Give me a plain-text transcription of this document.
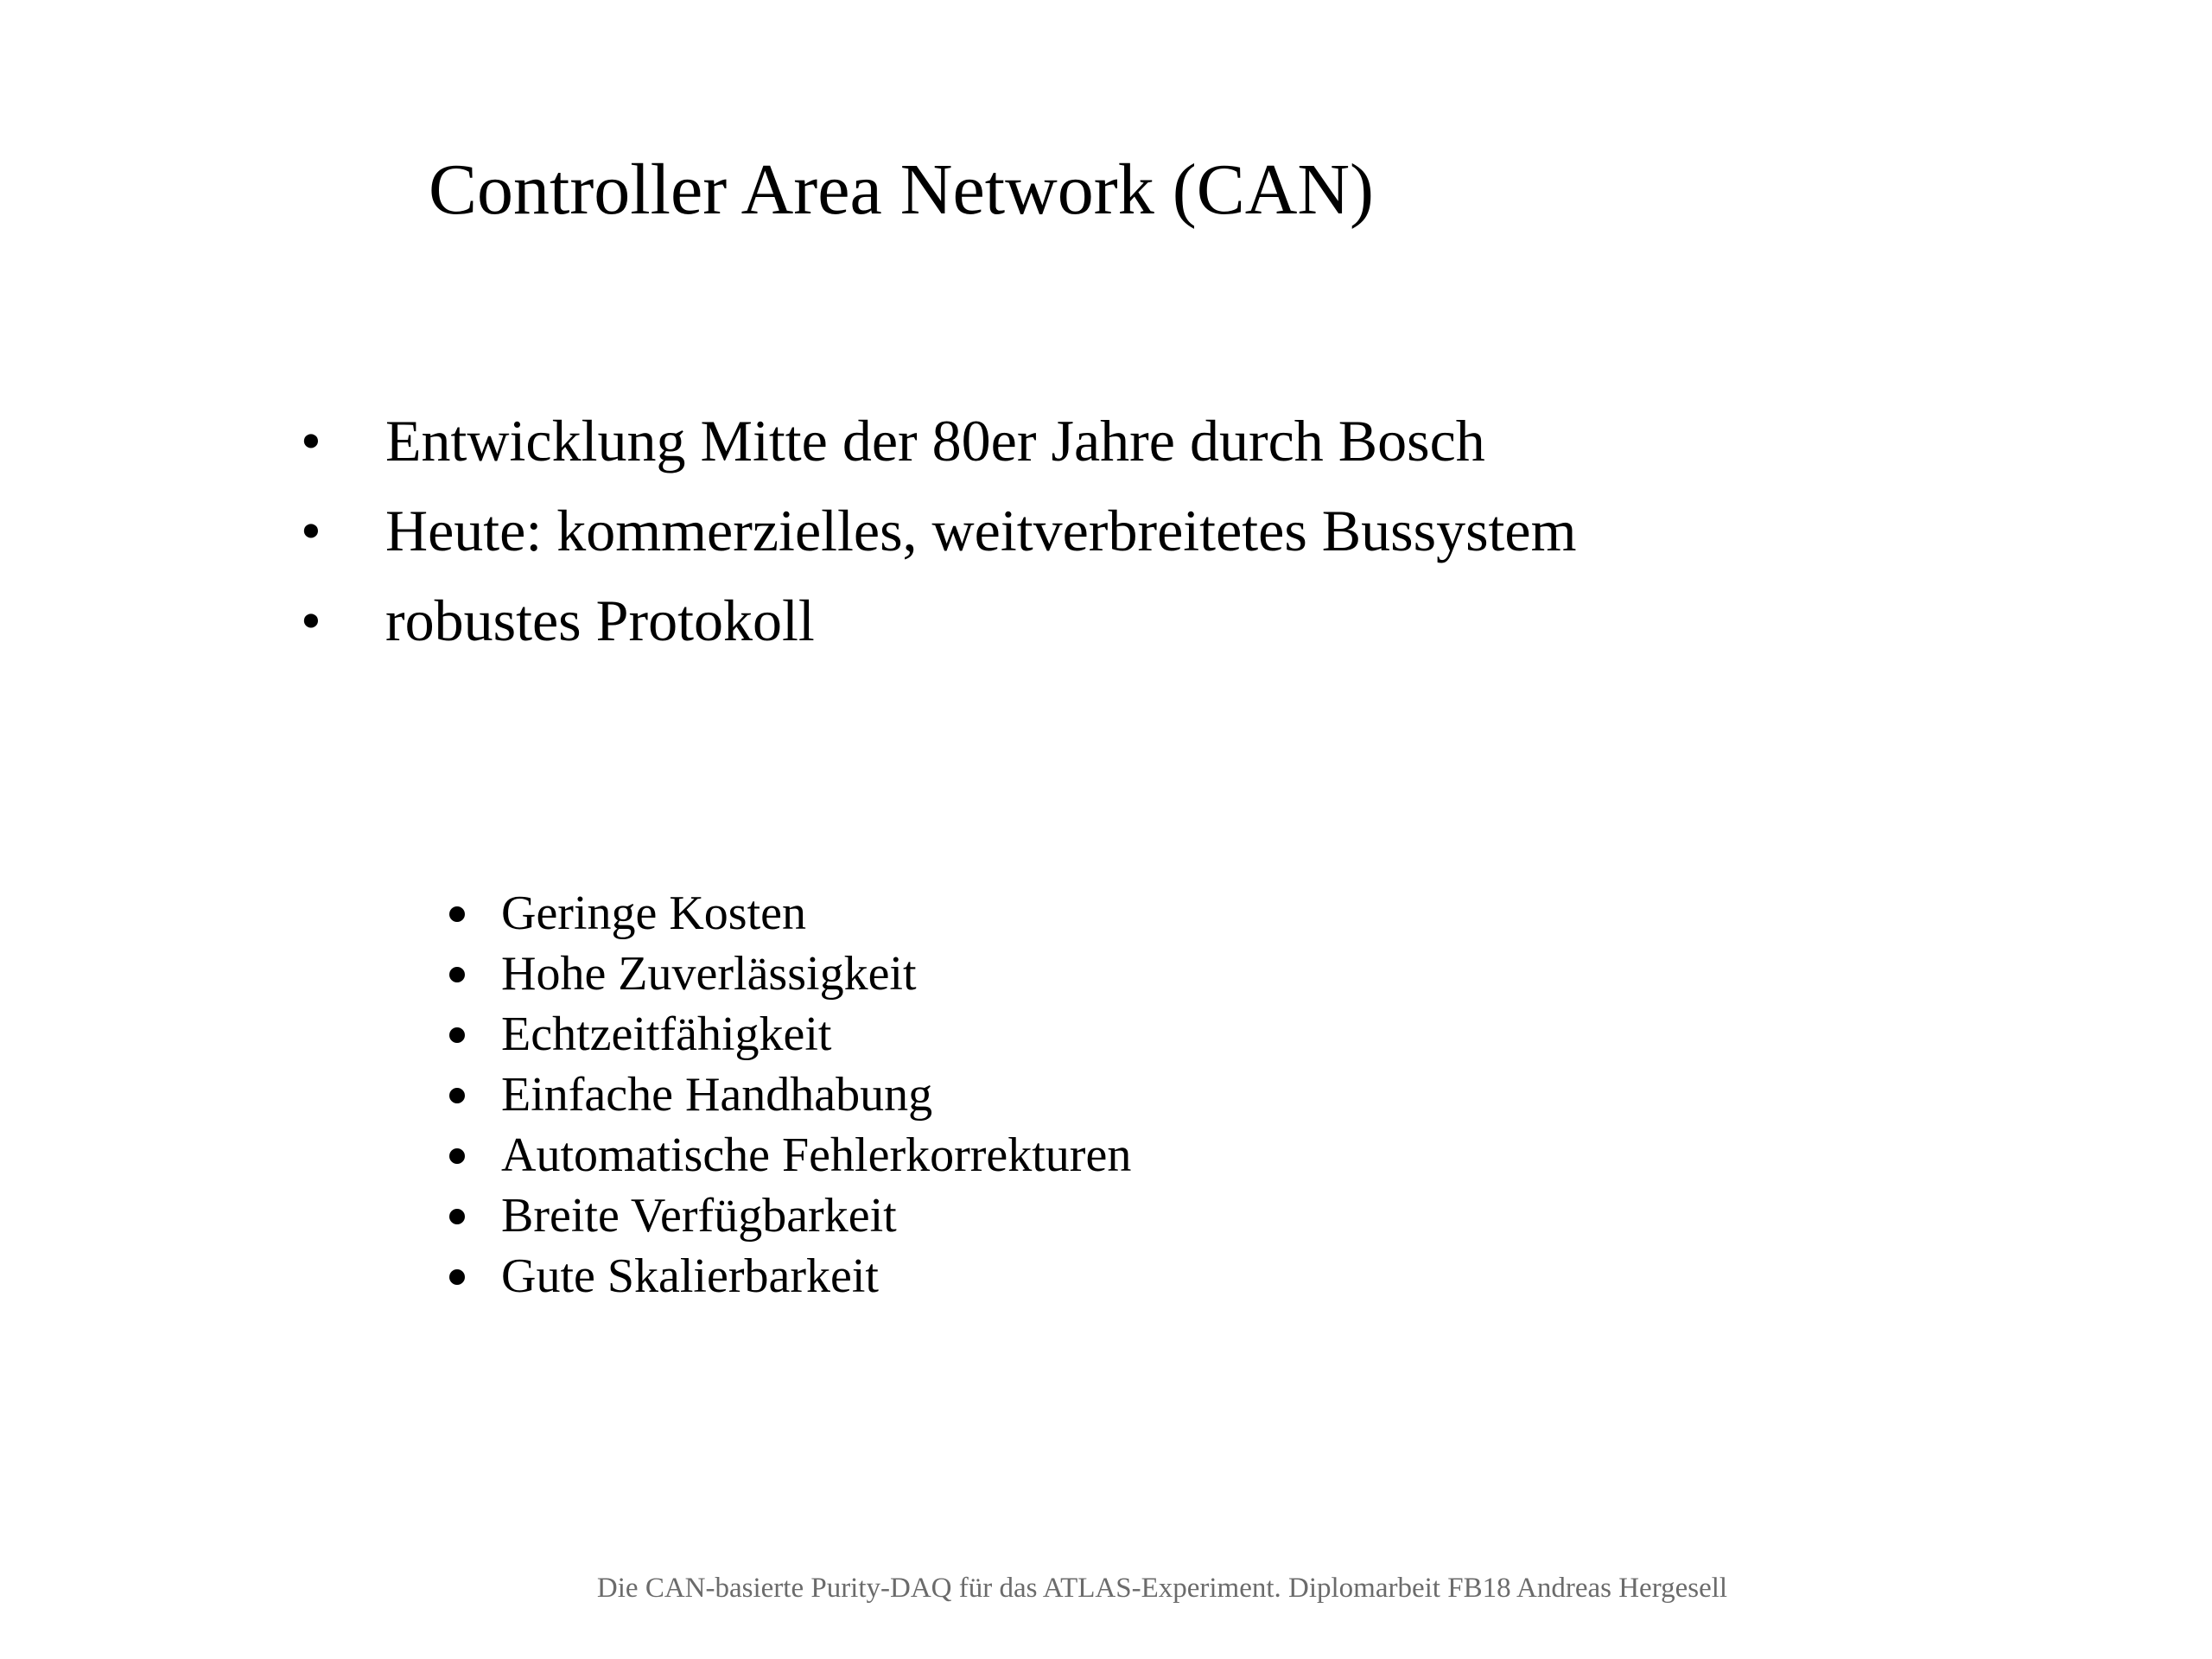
Controller Area Network (CAN)
• Entwicklung Mitte der 80er Jahre durch Bosch
• Heute: kommerzielles, weitverbreitetes Bussystem
• robustes Protokoll
Geringe Kosten
Hohe Zuverlässigkeit
Echtzeitfähigkeit
Einfache Handhabung
Automatische Fehlerkorrekturen
Breite Verfügbarkeit
Gute Skalierbarkeit
Die CAN-basierte Purity-DAQ für das ATLAS-Experiment. Diplomarbeit FB18 Andreas Hergesell
